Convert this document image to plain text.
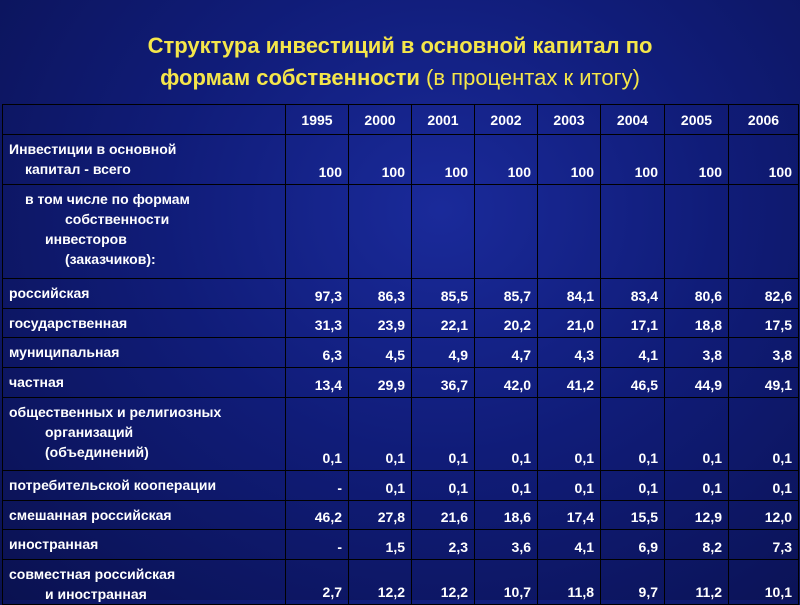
Структура инвестиций в основной капитал по
формам собственности (в процентах к итогу)
	1995	2000	2001	2002	2003	2004	2005	2006

Инвестиции в основной
капитал - всего	100	100	100	100	100	100	100	100

в том числе по формам
собственности
инвесторов
(заказчиков):								

российская	97,3	86,3	85,5	85,7	84,1	83,4	80,6	82,6

государственная	31,3	23,9	22,1	20,2	21,0	17,1	18,8	17,5

муниципальная	6,3	4,5	4,9	4,7	4,3	4,1	3,8	3,8

частная	13,4	29,9	36,7	42,0	41,2	46,5	44,9	49,1

общественных и религиозных
организаций
(объединений)	0,1	0,1	0,1	0,1	0,1	0,1	0,1	0,1

потребительской кооперации	-	0,1	0,1	0,1	0,1	0,1	0,1	0,1

смешанная российская	46,2	27,8	21,6	18,6	17,4	15,5	12,9	12,0

иностранная	-	1,5	2,3	3,6	4,1	6,9	8,2	7,3

совместная российская
и иностранная	2,7	12,2	12,2	10,7	11,8	9,7	11,2	10,1
